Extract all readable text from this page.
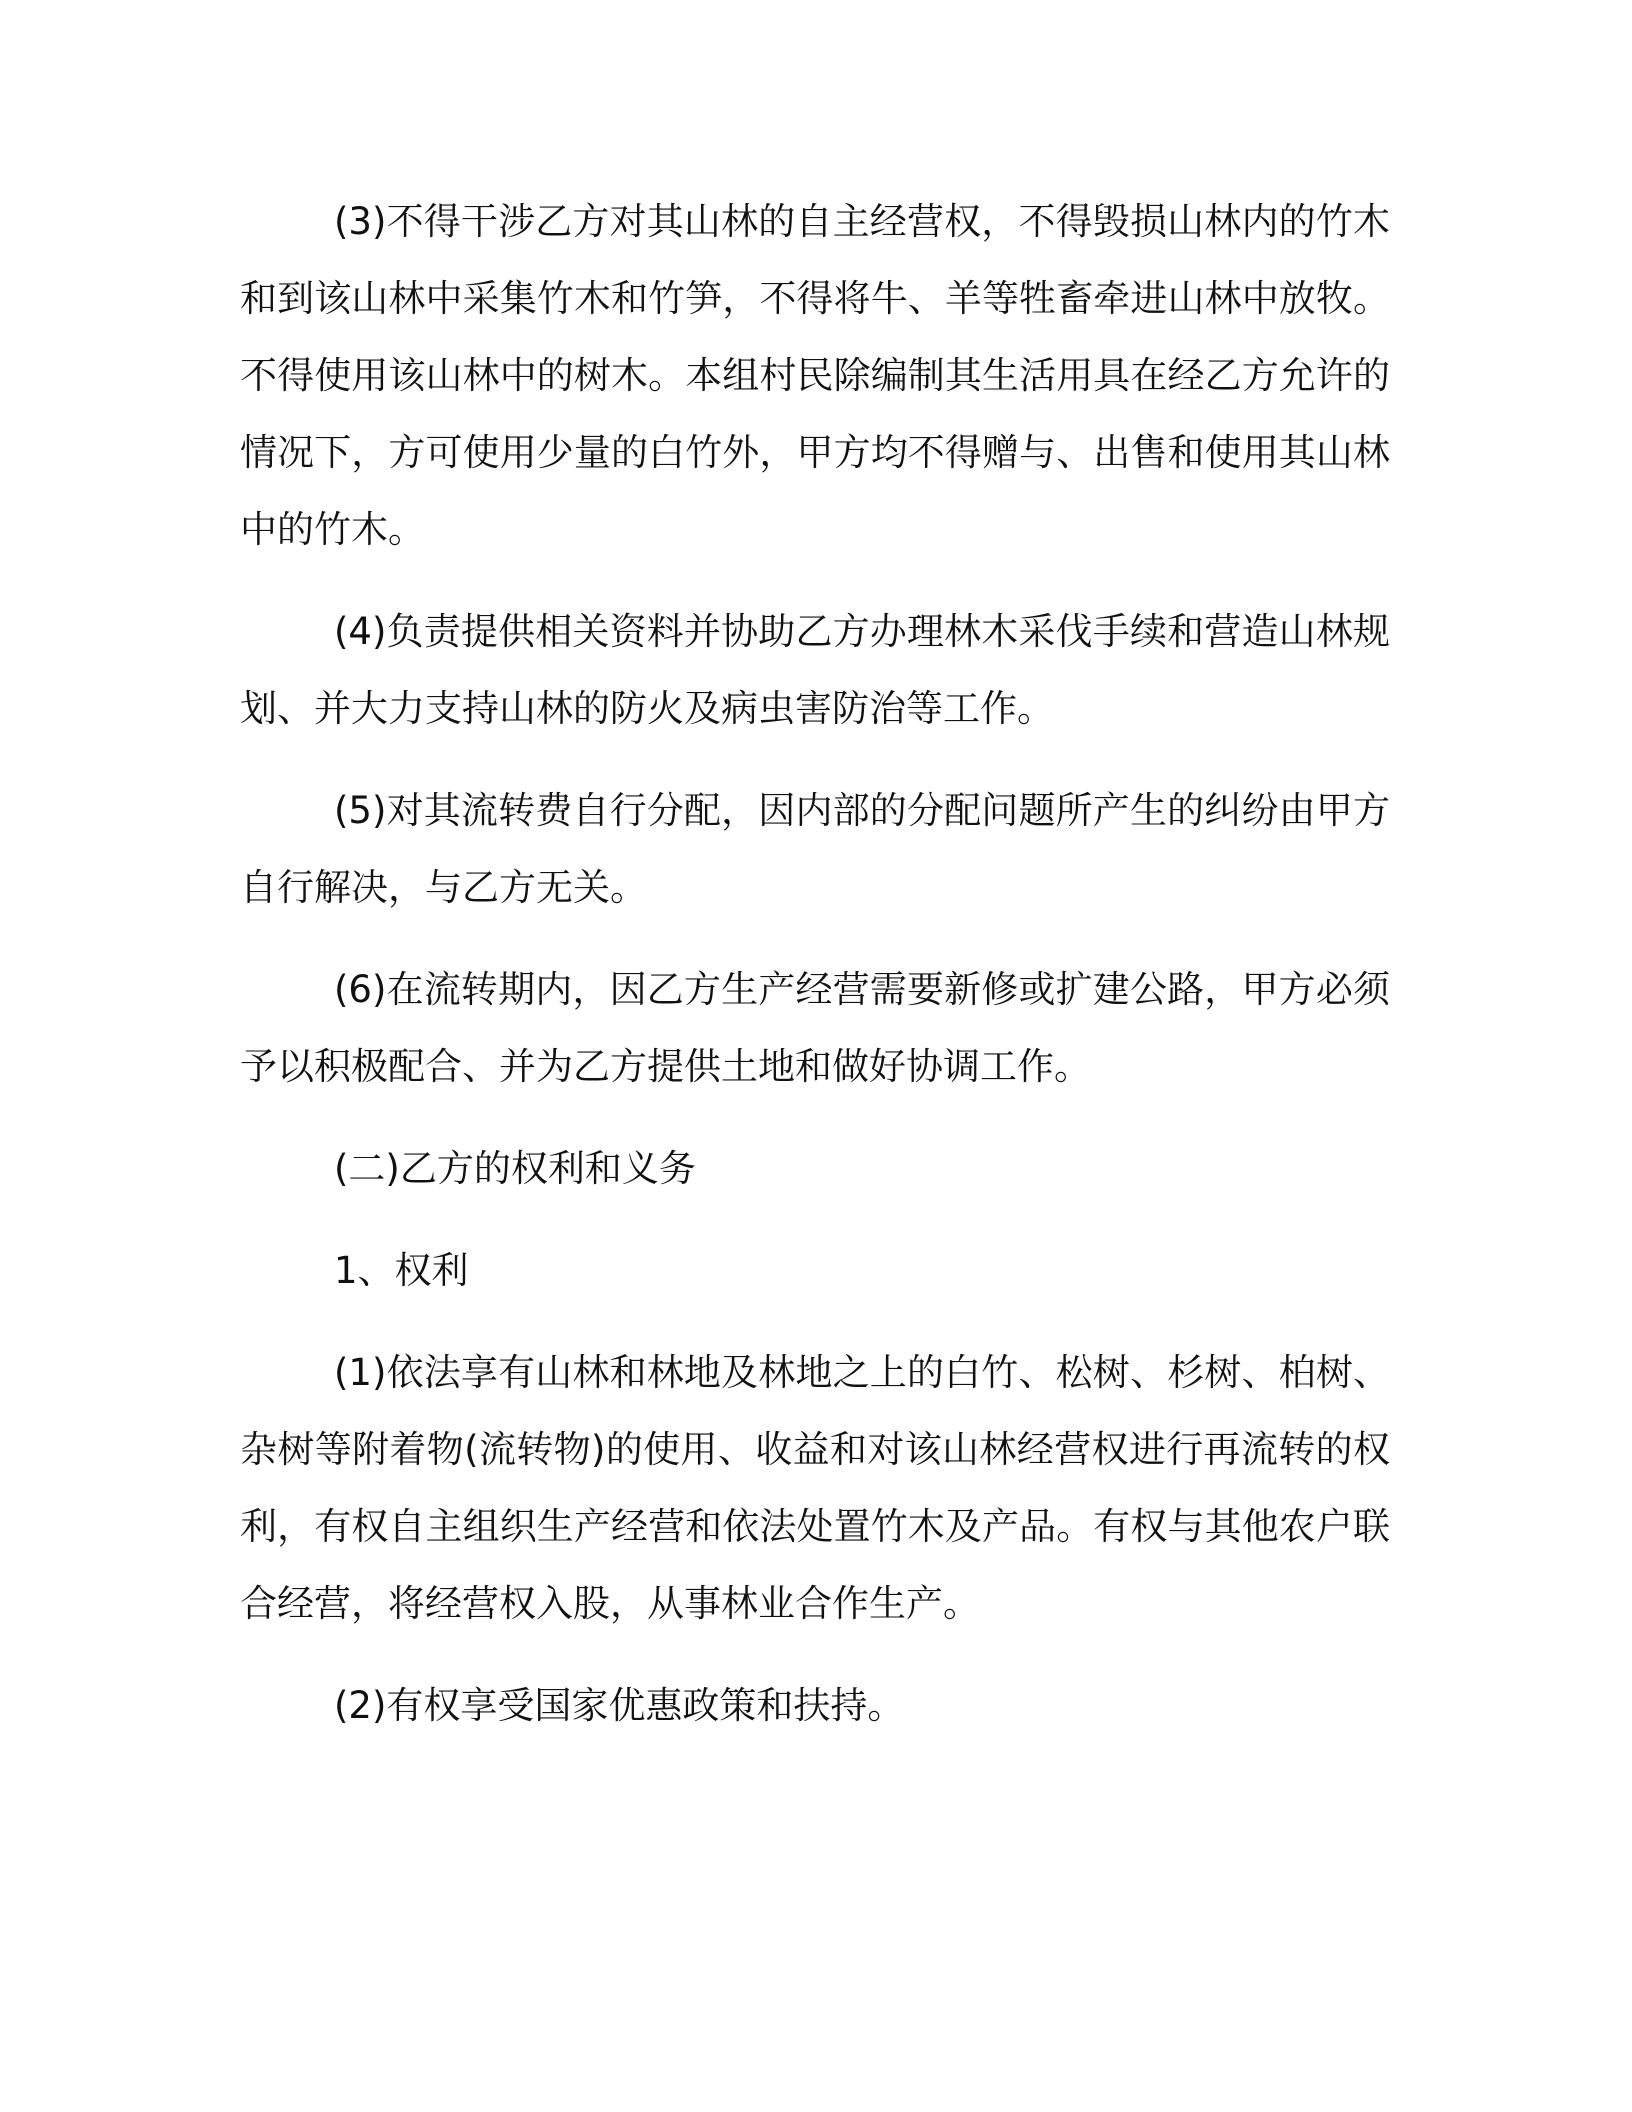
(3)不得干涉乙方对其山林的自主经营权，不得毁损山林内的竹木和到该山林中采集竹木和竹笋，不得将牛、羊等牲畜牵进山林中放牧。不得使用该山林中的树木。本组村民除编制其生活用具在经乙方允许的情况下，方可使用少量的白竹外，甲方均不得赠与、出售和使用其山林中的竹木。

(4)负责提供相关资料并协助乙方办理林木采伐手续和营造山林规划、并大力支持山林的防火及病虫害防治等工作。

(5)对其流转费自行分配，因内部的分配问题所产生的纠纷由甲方自行解决，与乙方无关。

(6)在流转期内，因乙方生产经营需要新修或扩建公路，甲方必须予以积极配合、并为乙方提供土地和做好协调工作。

(二)乙方的权利和义务

1、权利

(1)依法享有山林和林地及林地之上的白竹、松树、杉树、柏树、杂树等附着物(流转物)的使用、收益和对该山林经营权进行再流转的权利，有权自主组织生产经营和依法处置竹木及产品。有权与其他农户联合经营，将经营权入股，从事林业合作生产。

(2)有权享受国家优惠政策和扶持。
